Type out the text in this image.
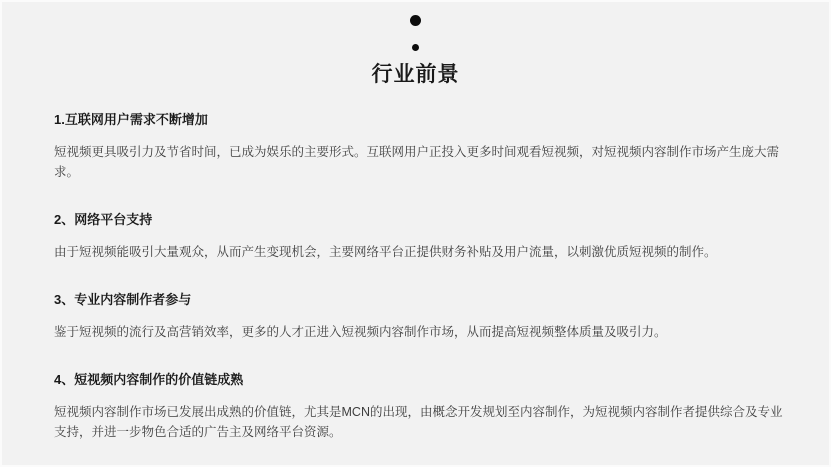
行业前景
1.互联网用户需求不断增加

短视频更具吸引力及节省时间，已成为娱乐的主要形式。互联网用户正投入更多时间观看短视频，对短视频内容制作市场产生庞大需求。

2、网络平台支持

由于短视频能吸引大量观众，从而产生变现机会，主要网络平台正提供财务补贴及用户流量，以刺激优质短视频的制作。

3、专业内容制作者参与

鉴于短视频的流行及高营销效率，更多的人才正进入短视频内容制作市场，从而提高短视频整体质量及吸引力。

4、短视频内容制作的价值链成熟

短视频内容制作市场已发展出成熟的价值链，尤其是MCN的出现，由概念开发规划至内容制作，为短视频内容制作者提供综合及专业支持，并进一步物色合适的广告主及网络平台资源。
